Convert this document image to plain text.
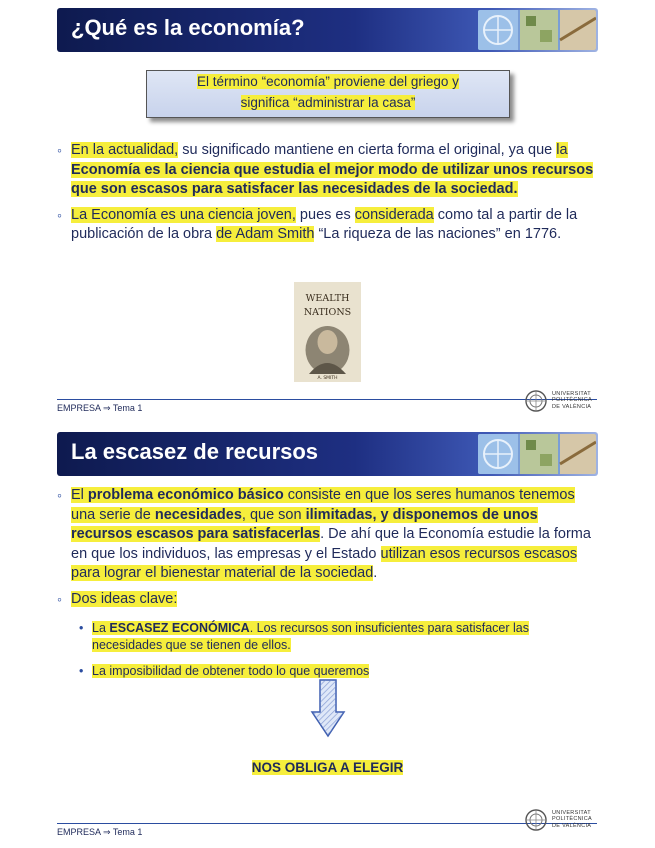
¿Qué es la economía?
El término “economía” proviene del griego y
significa “administrar la casa”
◦ En la actualidad, su significado mantiene en cierta forma el original, ya que la Economía es la ciencia que estudia el mejor modo de utilizar unos recursos que son escasos para satisfacer las necesidades de la sociedad.
◦ La Economía es una ciencia joven, pues es considerada como tal a partir de la publicación de la obra de Adam Smith “La riqueza de las naciones” en 1776.
WEALTH
NATIONS
A. SMITH
EMPRESA ⇒ Tema 1
UNIVERSITAT
POLITÈCNICA
DE VALÈNCIA
La escasez de recursos
◦ El problema económico básico consiste en que los seres humanos tenemos una serie de necesidades, que son ilimitadas, y disponemos de unos recursos escasos para satisfacerlas. De ahí que la Economía estudie la forma en que los individuos, las empresas y el Estado utilizan esos recursos escasos para lograr el bienestar material de la sociedad.
◦ Dos ideas clave:
• La ESCASEZ ECONÓMICA. Los recursos son insuficientes para satisfacer las necesidades que se tienen de ellos.
• La imposibilidad de obtener todo lo que queremos
EMPRESA ⇒ Tema 1
UNIVERSITAT
POLITÈCNICA
DE VALÈNCIA
NOS OBLIGA A ELEGIR
